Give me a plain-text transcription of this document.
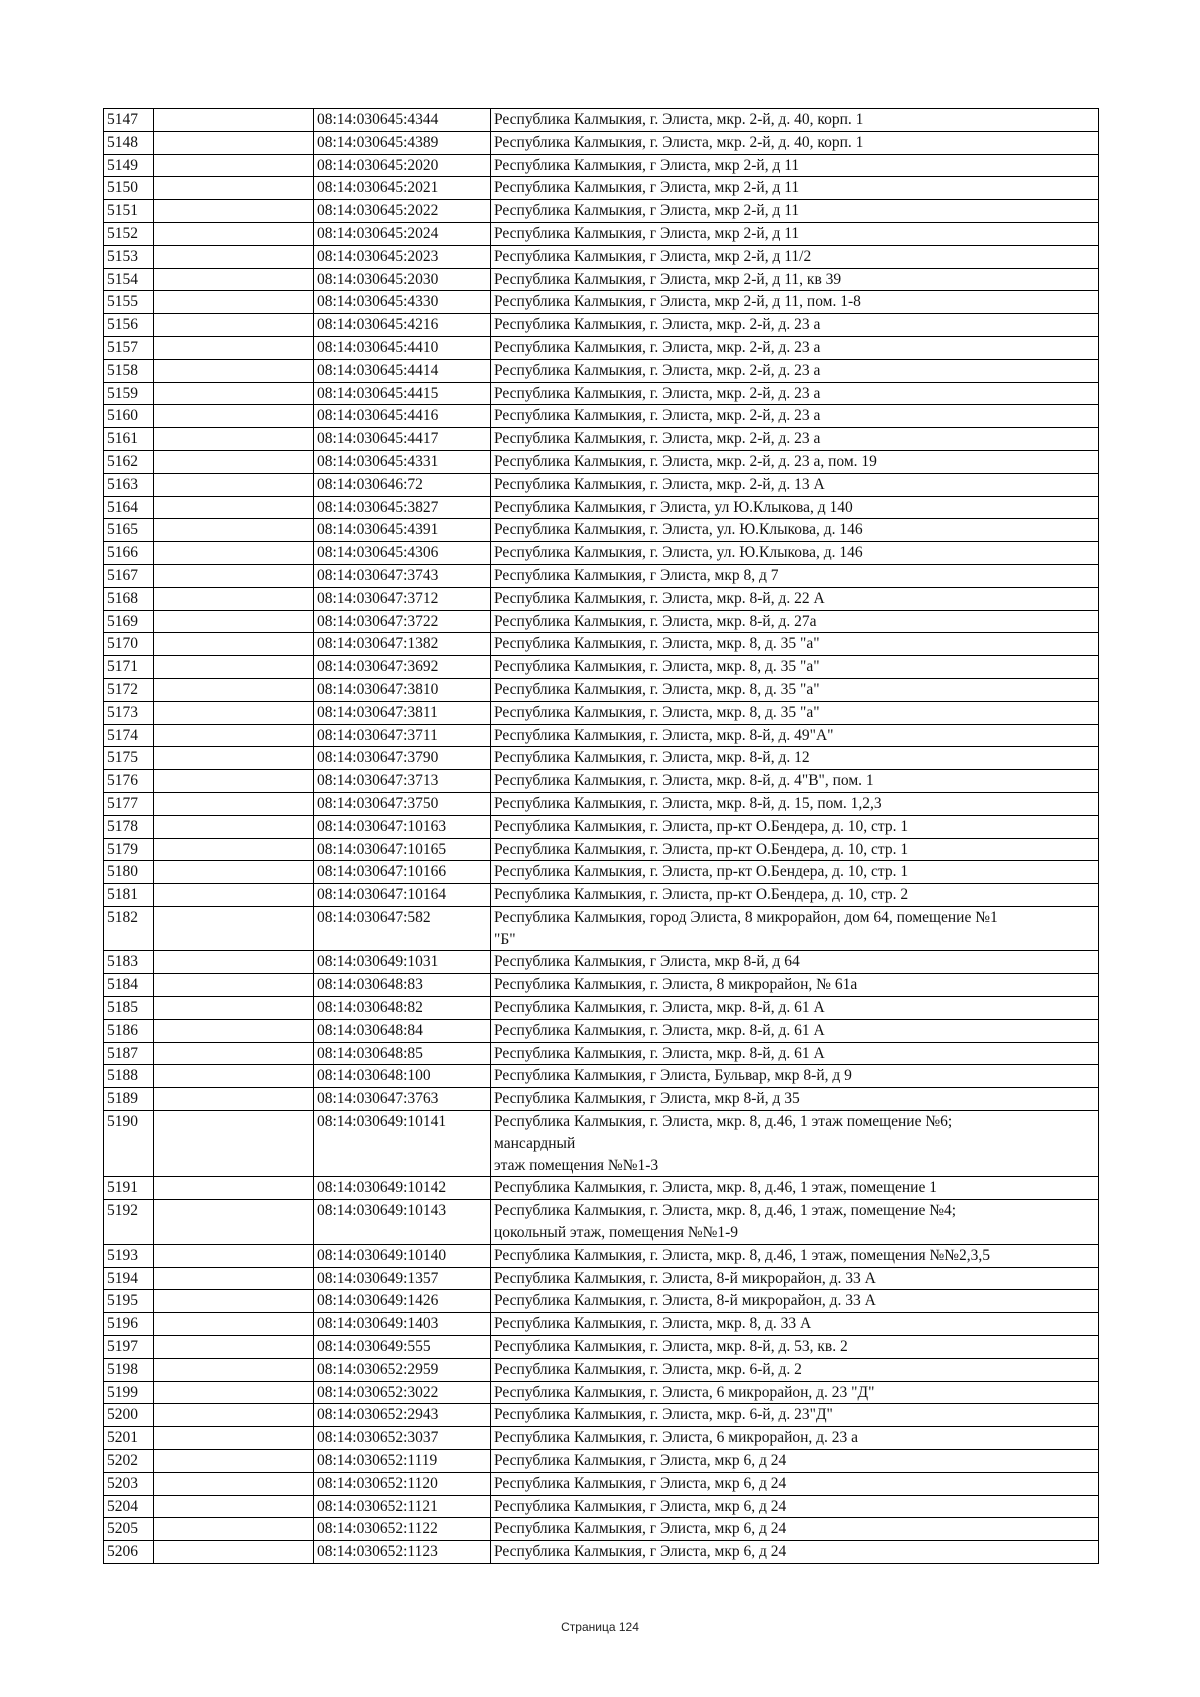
5147		08:14:030645:4344	Республика Калмыкия, г. Элиста, мкр. 2-й, д. 40, корп. 1
5148		08:14:030645:4389	Республика Калмыкия, г. Элиста, мкр. 2-й, д. 40, корп. 1
5149		08:14:030645:2020	Республика Калмыкия, г Элиста, мкр 2-й, д 11
5150		08:14:030645:2021	Республика Калмыкия, г Элиста, мкр 2-й, д 11
5151		08:14:030645:2022	Республика Калмыкия, г Элиста, мкр 2-й, д 11
5152		08:14:030645:2024	Республика Калмыкия, г Элиста, мкр 2-й, д 11
5153		08:14:030645:2023	Республика Калмыкия, г Элиста, мкр 2-й, д 11/2
5154		08:14:030645:2030	Республика Калмыкия, г Элиста, мкр 2-й, д 11, кв 39
5155		08:14:030645:4330	Республика Калмыкия, г Элиста, мкр 2-й, д 11, пом. 1-8
5156		08:14:030645:4216	Республика Калмыкия, г. Элиста, мкр. 2-й, д. 23 а
5157		08:14:030645:4410	Республика Калмыкия, г. Элиста, мкр. 2-й, д. 23 а
5158		08:14:030645:4414	Республика Калмыкия, г. Элиста, мкр. 2-й, д. 23 а
5159		08:14:030645:4415	Республика Калмыкия, г. Элиста, мкр. 2-й, д. 23 а
5160		08:14:030645:4416	Республика Калмыкия, г. Элиста, мкр. 2-й, д. 23 а
5161		08:14:030645:4417	Республика Калмыкия, г. Элиста, мкр. 2-й, д. 23 а
5162		08:14:030645:4331	Республика Калмыкия, г. Элиста, мкр. 2-й, д. 23 а, пом. 19
5163		08:14:030646:72	Республика Калмыкия, г. Элиста, мкр. 2-й, д. 13 А
5164		08:14:030645:3827	Республика Калмыкия, г Элиста, ул Ю.Клыкова, д 140
5165		08:14:030645:4391	Республика Калмыкия, г. Элиста, ул. Ю.Клыкова, д. 146
5166		08:14:030645:4306	Республика Калмыкия, г. Элиста, ул. Ю.Клыкова, д. 146
5167		08:14:030647:3743	Республика Калмыкия, г Элиста, мкр 8, д 7
5168		08:14:030647:3712	Республика Калмыкия, г. Элиста, мкр. 8-й, д. 22 А
5169		08:14:030647:3722	Республика Калмыкия, г. Элиста, мкр. 8-й, д. 27а
5170		08:14:030647:1382	Республика Калмыкия, г. Элиста, мкр. 8, д. 35 "а"
5171		08:14:030647:3692	Республика Калмыкия, г. Элиста, мкр. 8, д. 35 "а"
5172		08:14:030647:3810	Республика Калмыкия, г. Элиста, мкр. 8, д. 35 "а"
5173		08:14:030647:3811	Республика Калмыкия, г. Элиста, мкр. 8, д. 35 "а"
5174		08:14:030647:3711	Республика Калмыкия, г. Элиста, мкр. 8-й, д. 49"А"
5175		08:14:030647:3790	Республика Калмыкия, г. Элиста, мкр. 8-й, д. 12
5176		08:14:030647:3713	Республика Калмыкия, г. Элиста, мкр. 8-й, д. 4"В", пом. 1
5177		08:14:030647:3750	Республика Калмыкия, г. Элиста, мкр. 8-й, д. 15, пом. 1,2,3
5178		08:14:030647:10163	Республика Калмыкия, г. Элиста, пр-кт О.Бендера, д. 10, стр. 1
5179		08:14:030647:10165	Республика Калмыкия, г. Элиста, пр-кт О.Бендера, д. 10, стр. 1
5180		08:14:030647:10166	Республика Калмыкия, г. Элиста, пр-кт О.Бендера, д. 10, стр. 1
5181		08:14:030647:10164	Республика Калмыкия, г. Элиста, пр-кт О.Бендера, д. 10, стр. 2
5182		08:14:030647:582	Республика Калмыкия, город Элиста, 8 микрорайон, дом 64, помещение №1
"Б"
5183		08:14:030649:1031	Республика Калмыкия, г Элиста, мкр 8-й, д 64
5184		08:14:030648:83	Республика Калмыкия, г. Элиста, 8 микрорайон, № 61а
5185		08:14:030648:82	Республика Калмыкия, г. Элиста, мкр. 8-й, д. 61 А
5186		08:14:030648:84	Республика Калмыкия, г. Элиста, мкр. 8-й, д. 61 А
5187		08:14:030648:85	Республика Калмыкия, г. Элиста, мкр. 8-й, д. 61 А
5188		08:14:030648:100	Республика Калмыкия, г Элиста, Бульвар, мкр 8-й, д 9
5189		08:14:030647:3763	Республика Калмыкия, г Элиста, мкр 8-й, д 35
5190		08:14:030649:10141	Республика Калмыкия, г. Элиста, мкр. 8, д.46, 1 этаж помещение №6;
мансардный
этаж помещения №№1-3
5191		08:14:030649:10142	Республика Калмыкия, г. Элиста, мкр. 8, д.46, 1 этаж, помещение 1
5192		08:14:030649:10143	Республика Калмыкия, г. Элиста, мкр. 8, д.46, 1 этаж, помещение №4;
цокольный этаж, помещения №№1-9
5193		08:14:030649:10140	Республика Калмыкия, г. Элиста, мкр. 8, д.46, 1 этаж, помещения №№2,3,5

5194		08:14:030649:1357	Республика Калмыкия, г. Элиста, 8-й микрорайон, д. 33 А
5195		08:14:030649:1426	Республика Калмыкия, г. Элиста, 8-й микрорайон, д. 33 А
5196		08:14:030649:1403	Республика Калмыкия, г. Элиста, мкр. 8, д. 33 А
5197		08:14:030649:555	Республика Калмыкия, г. Элиста, мкр. 8-й, д. 53, кв. 2
5198		08:14:030652:2959	Республика Калмыкия, г. Элиста, мкр. 6-й, д. 2
5199		08:14:030652:3022	Республика Калмыкия, г. Элиста, 6 микрорайон, д. 23 "Д"
5200		08:14:030652:2943	Республика Калмыкия, г. Элиста, мкр. 6-й, д. 23"Д"
5201		08:14:030652:3037	Республика Калмыкия, г. Элиста, 6 микрорайон, д. 23 а
5202		08:14:030652:1119	Республика Калмыкия, г Элиста, мкр 6, д 24
5203		08:14:030652:1120	Республика Калмыкия, г Элиста, мкр 6, д 24
5204		08:14:030652:1121	Республика Калмыкия, г Элиста, мкр 6, д 24
5205		08:14:030652:1122	Республика Калмыкия, г Элиста, мкр 6, д 24
5206		08:14:030652:1123	Республика Калмыкия, г Элиста, мкр 6, д 24
Страница 124
